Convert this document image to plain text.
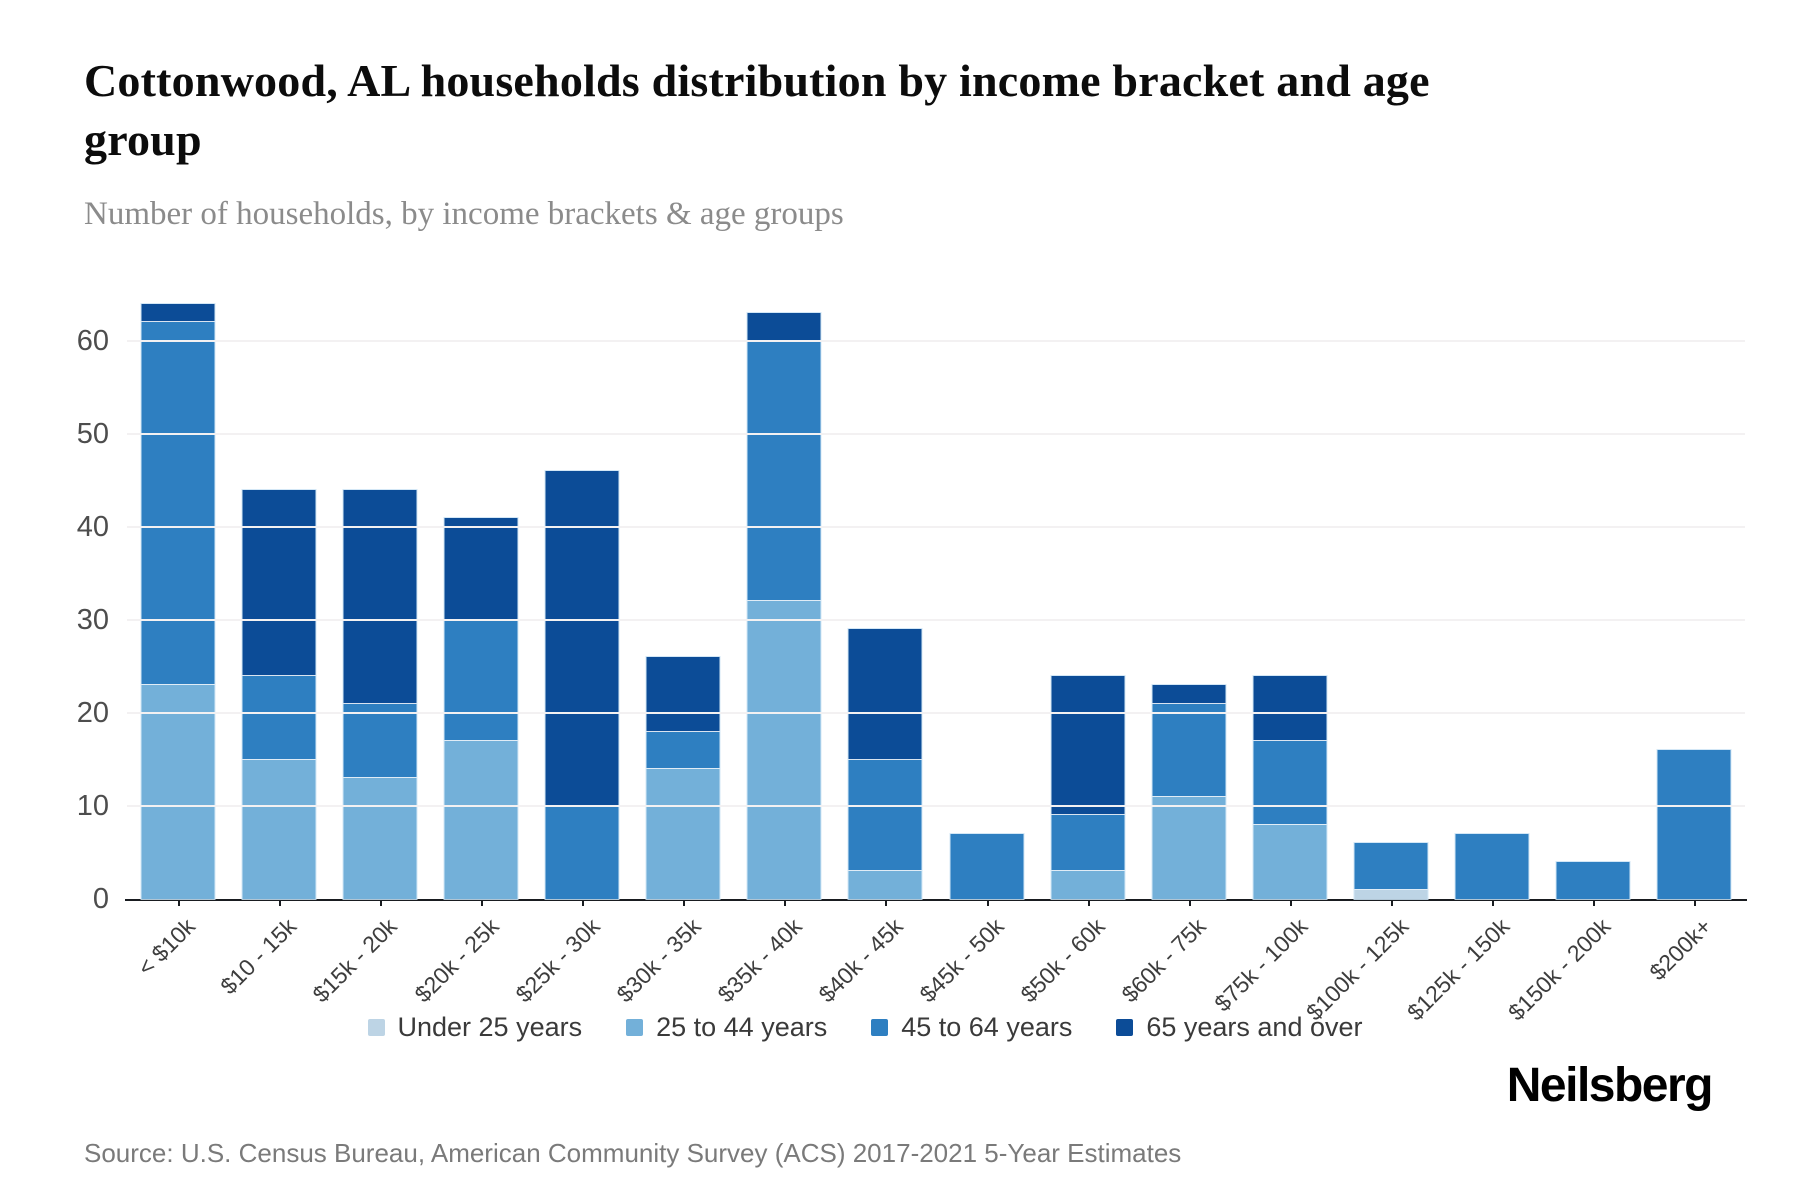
Cottonwood, AL households distribution by income bracket and age group
Number of households, by income brackets & age groups
< $10k $10 - 15k $15k - 20k $20k - 25k $25k - 30k $30k - 35k $35k - 40k $40k - 45k $45k - 50k $50k - 60k $60k - 75k
$75k - 100k
$100k - 125k
$125k - 150k
$150k - 200k $200k+
0
10
20
30
40
50
60
Under 25 years	25 to 44 years	45 to 64 years	65 years and over
Source: U.S. Census Bureau, American Community Survey (ACS) 2017-2021 5-Year Estimates
Neilsberg
